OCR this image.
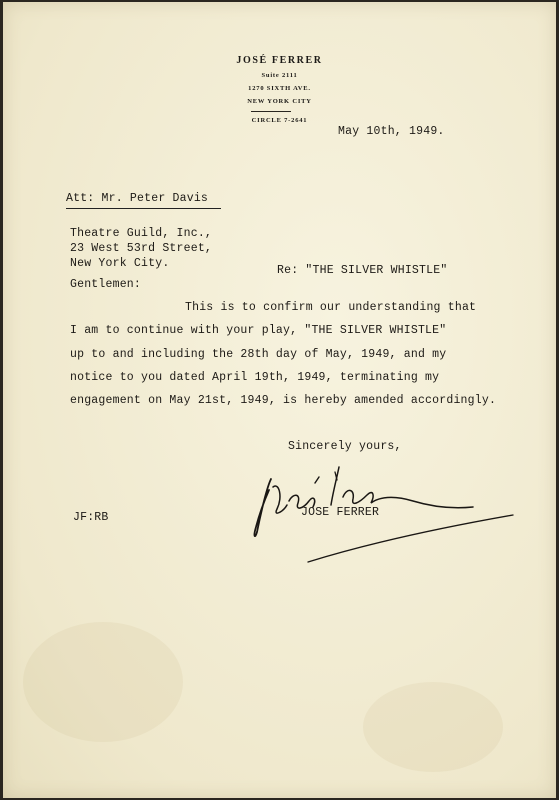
JOSÉ FERRER
Suite 2111
1270 SIXTH AVE.
NEW YORK CITY
CIRCLE 7-2641
May 10th, 1949.
Att: Mr. Peter Davis
Theatre Guild, Inc.,
23 West 53rd Street,
New York City.
Re: "THE SILVER WHISTLE"
Gentlemen:
This is to confirm our understanding that
I am to continue with your play, "THE SILVER WHISTLE"
up to and including the 28th day of May, 1949, and my
notice to you dated April 19th, 1949, terminating my
engagement on May 21st, 1949, is hereby amended accordingly.
Sincerely yours,
JOSE FERRER
JF:RB
